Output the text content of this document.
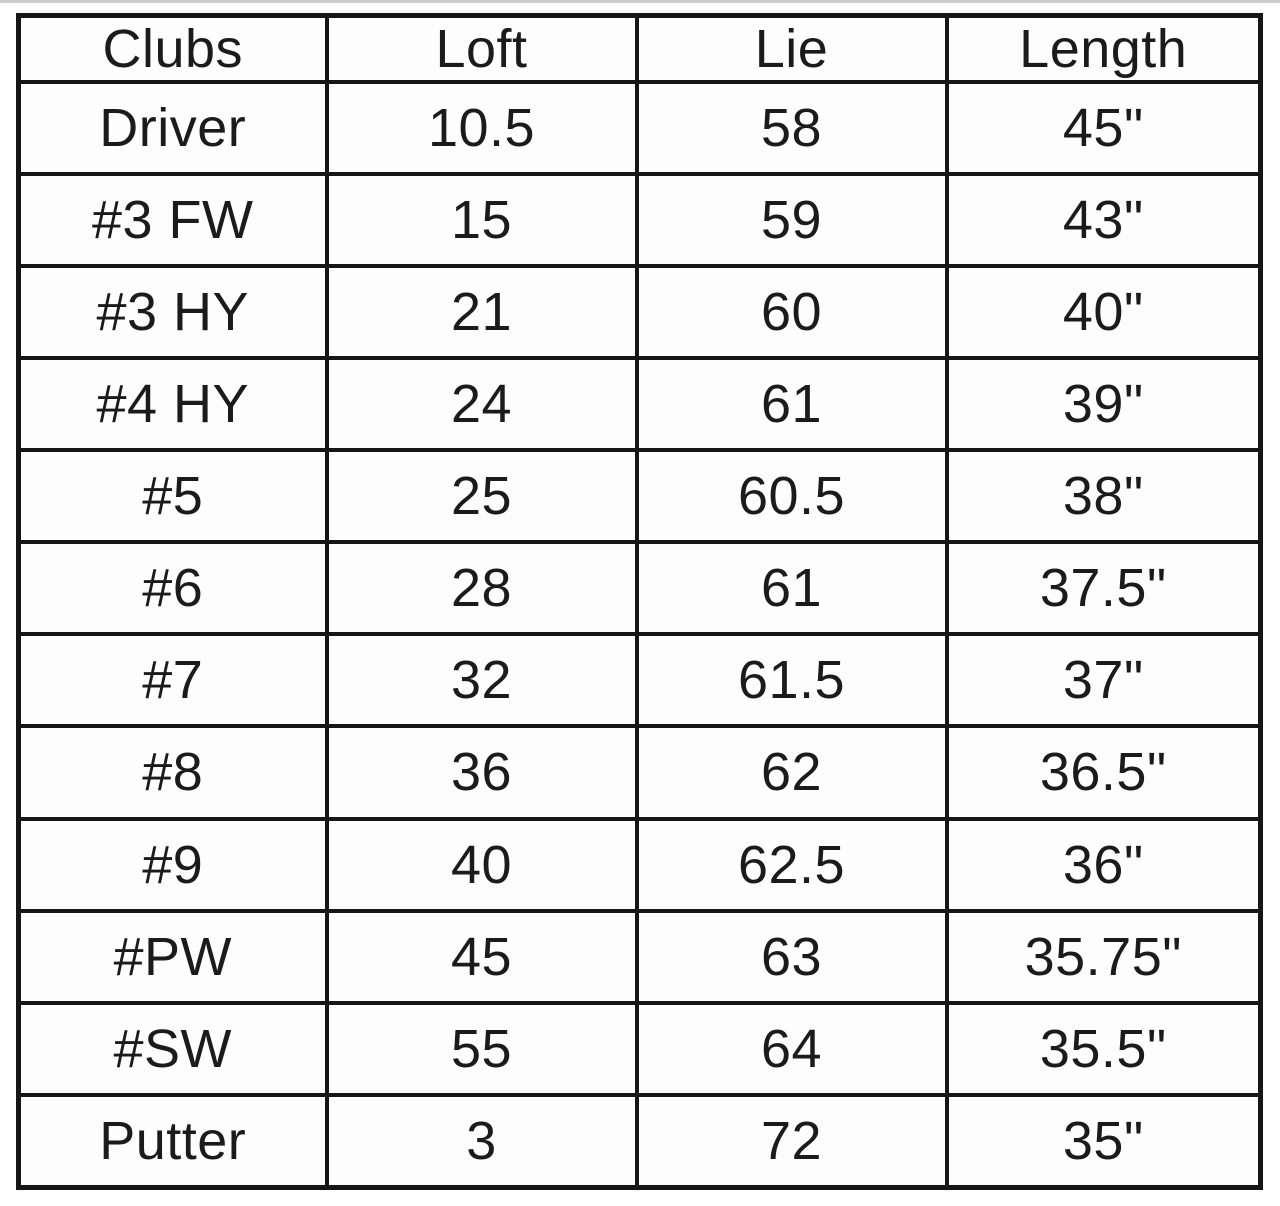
Clubs	Loft	Lie	Length
Driver	10.5	58	45"
#3 FW	15	59	43"
#3 HY	21	60	40"
#4 HY	24	61	39"
#5	25	60.5	38"
#6	28	61	37.5"
#7	32	61.5	37"
#8	36	62	36.5"
#9	40	62.5	36"
#PW	45	63	35.75"
#SW	55	64	35.5"
Putter	3	72	35"
